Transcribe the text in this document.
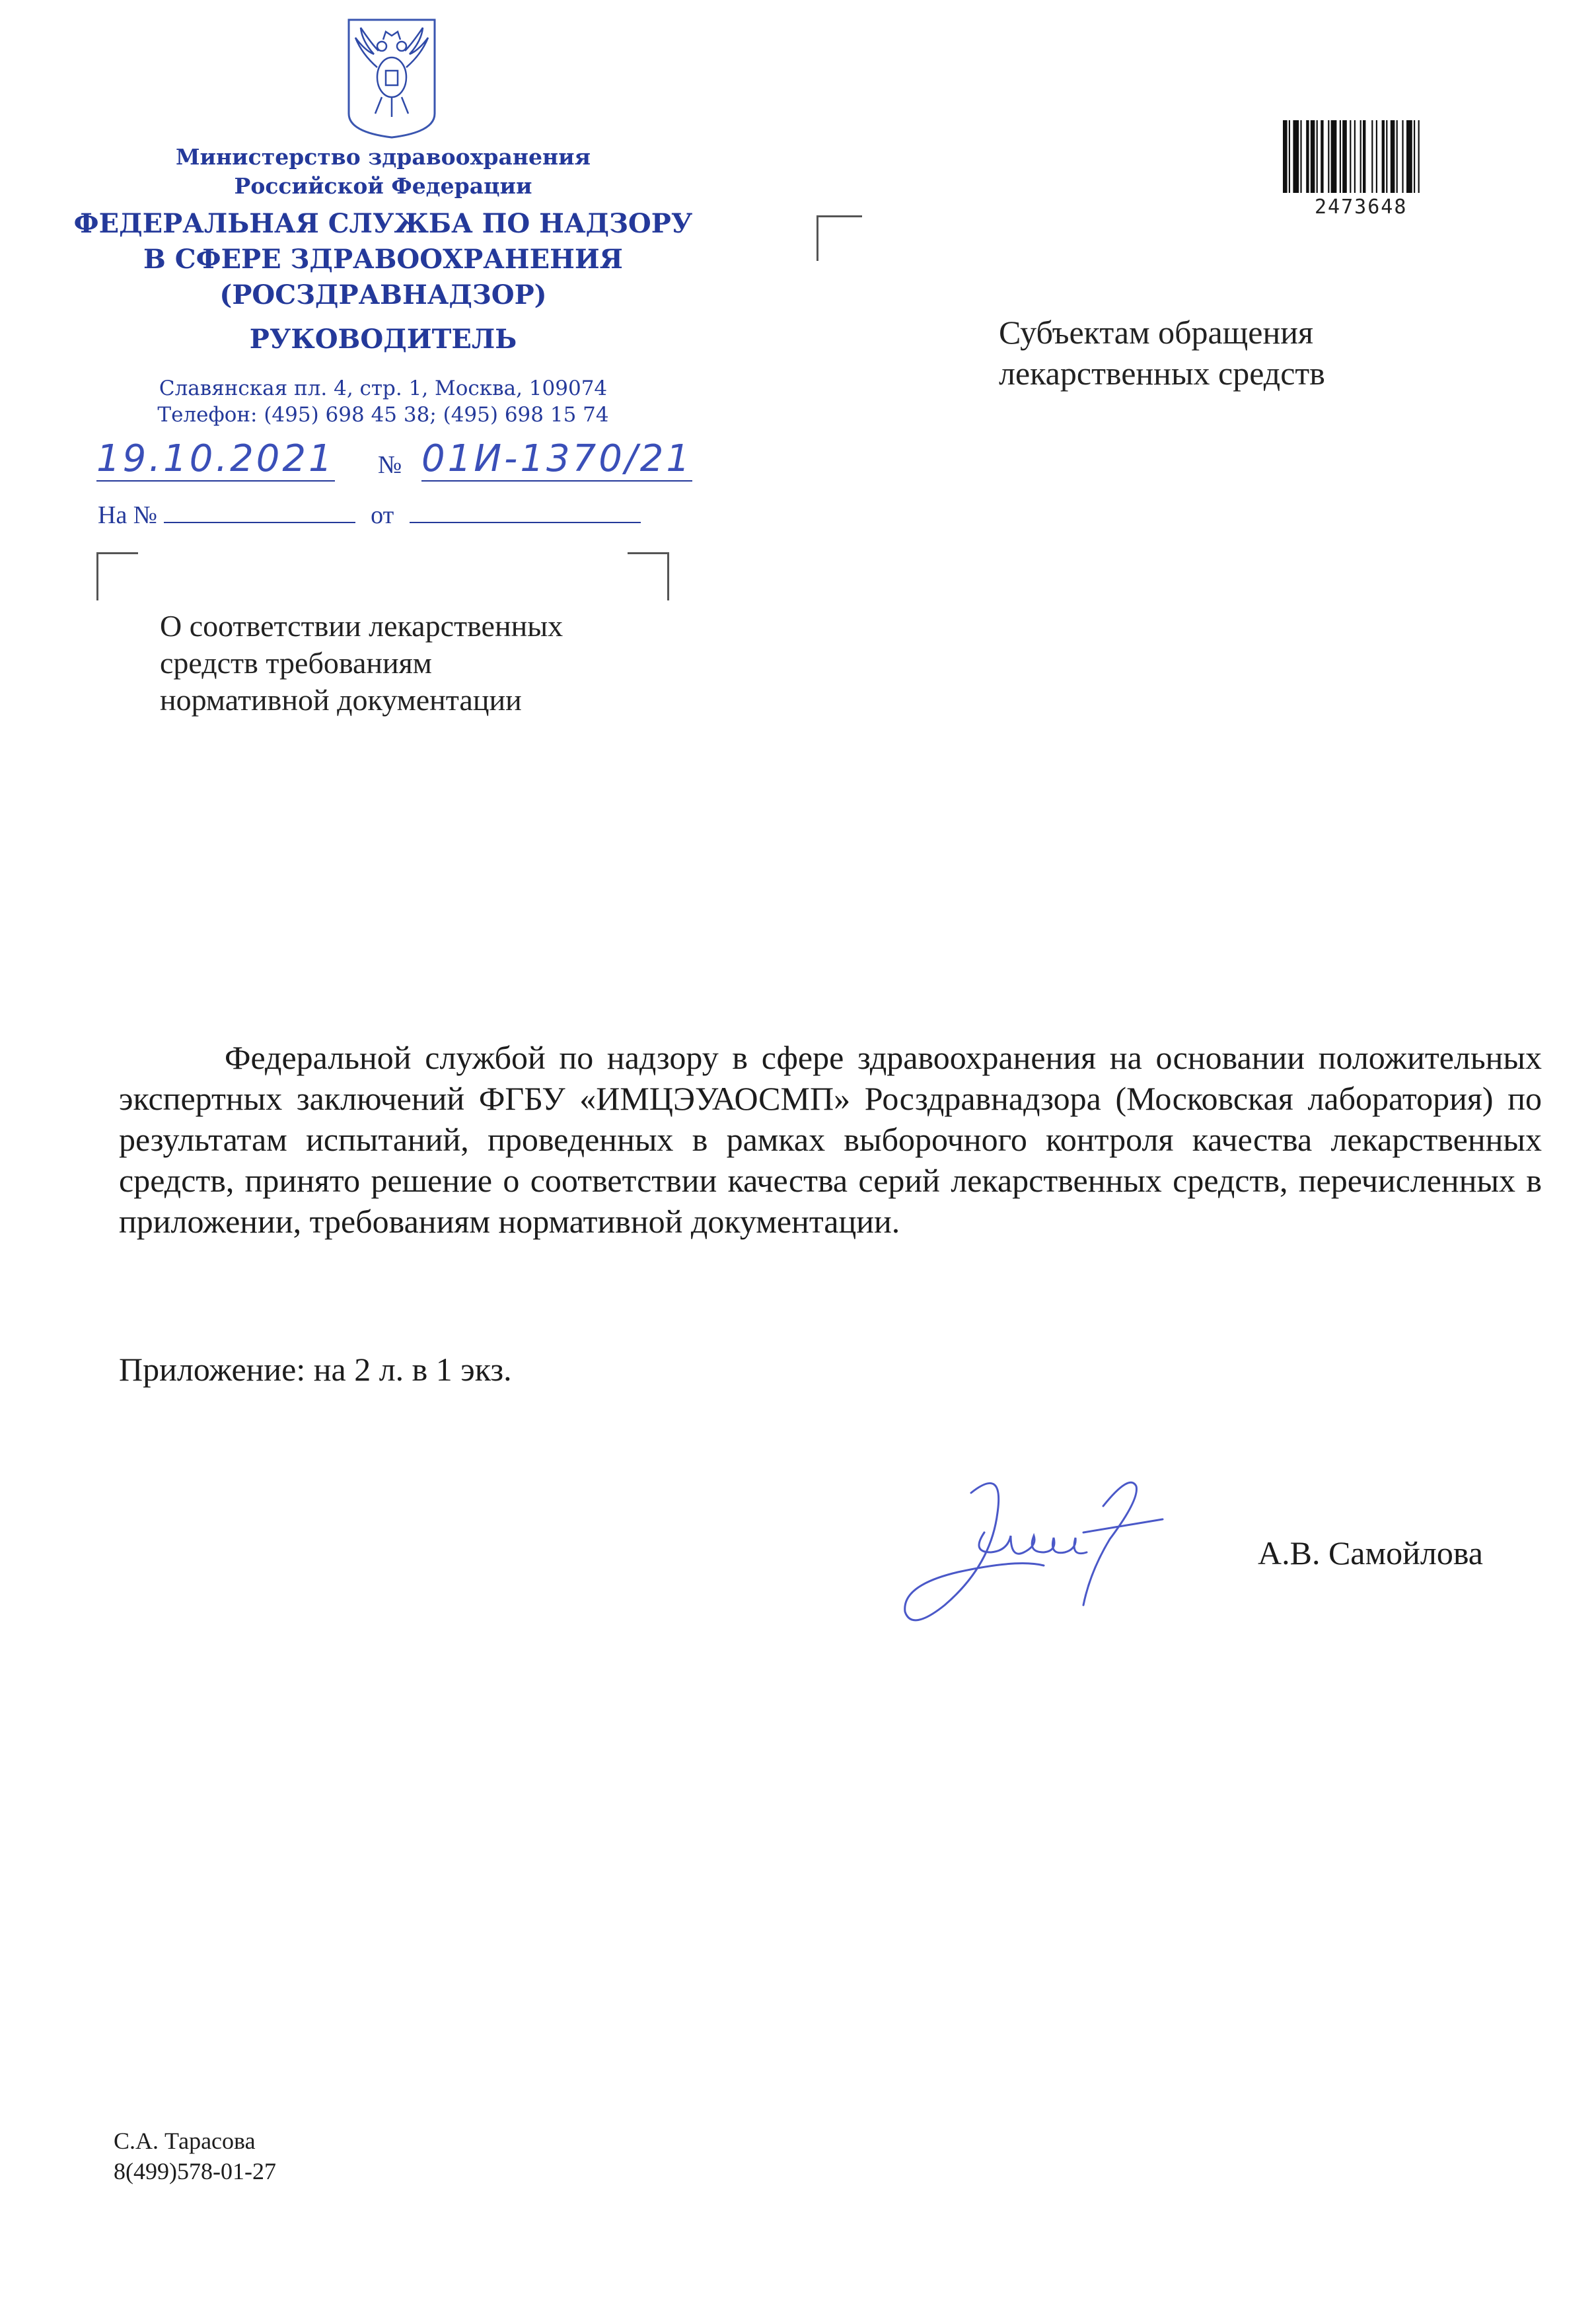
Министерство здравоохранения
Российской Федерации
ФЕДЕРАЛЬНАЯ СЛУЖБА ПО НАДЗОРУ
В СФЕРЕ ЗДРАВООХРАНЕНИЯ
(РОСЗДРАВНАДЗОР)
РУКОВОДИТЕЛЬ
Славянская пл. 4, стр. 1, Москва, 109074
Телефон: (495) 698 45 38; (495) 698 15 74
19.10.2021 № 01И-1370/21
На №	от
О соответствии лекарственных
средств требованиям
нормативной документации
2473648
Субъектам обращения
лекарственных средств
Федеральной службой по надзору в сфере здравоохранения на основании положительных экспертных заключений ФГБУ «ИМЦЭУАОСМП» Росздравнадзора (Московская лаборатория) по результатам испытаний, проведенных в рамках выборочного контроля качества лекарственных средств, принято решение о соответствии качества серий лекарственных средств, перечисленных в приложении, требованиям нормативной документации.
Приложение: на 2 л. в 1 экз.
А.В. Самойлова
С.А. Тарасова
8(499)578-01-27
